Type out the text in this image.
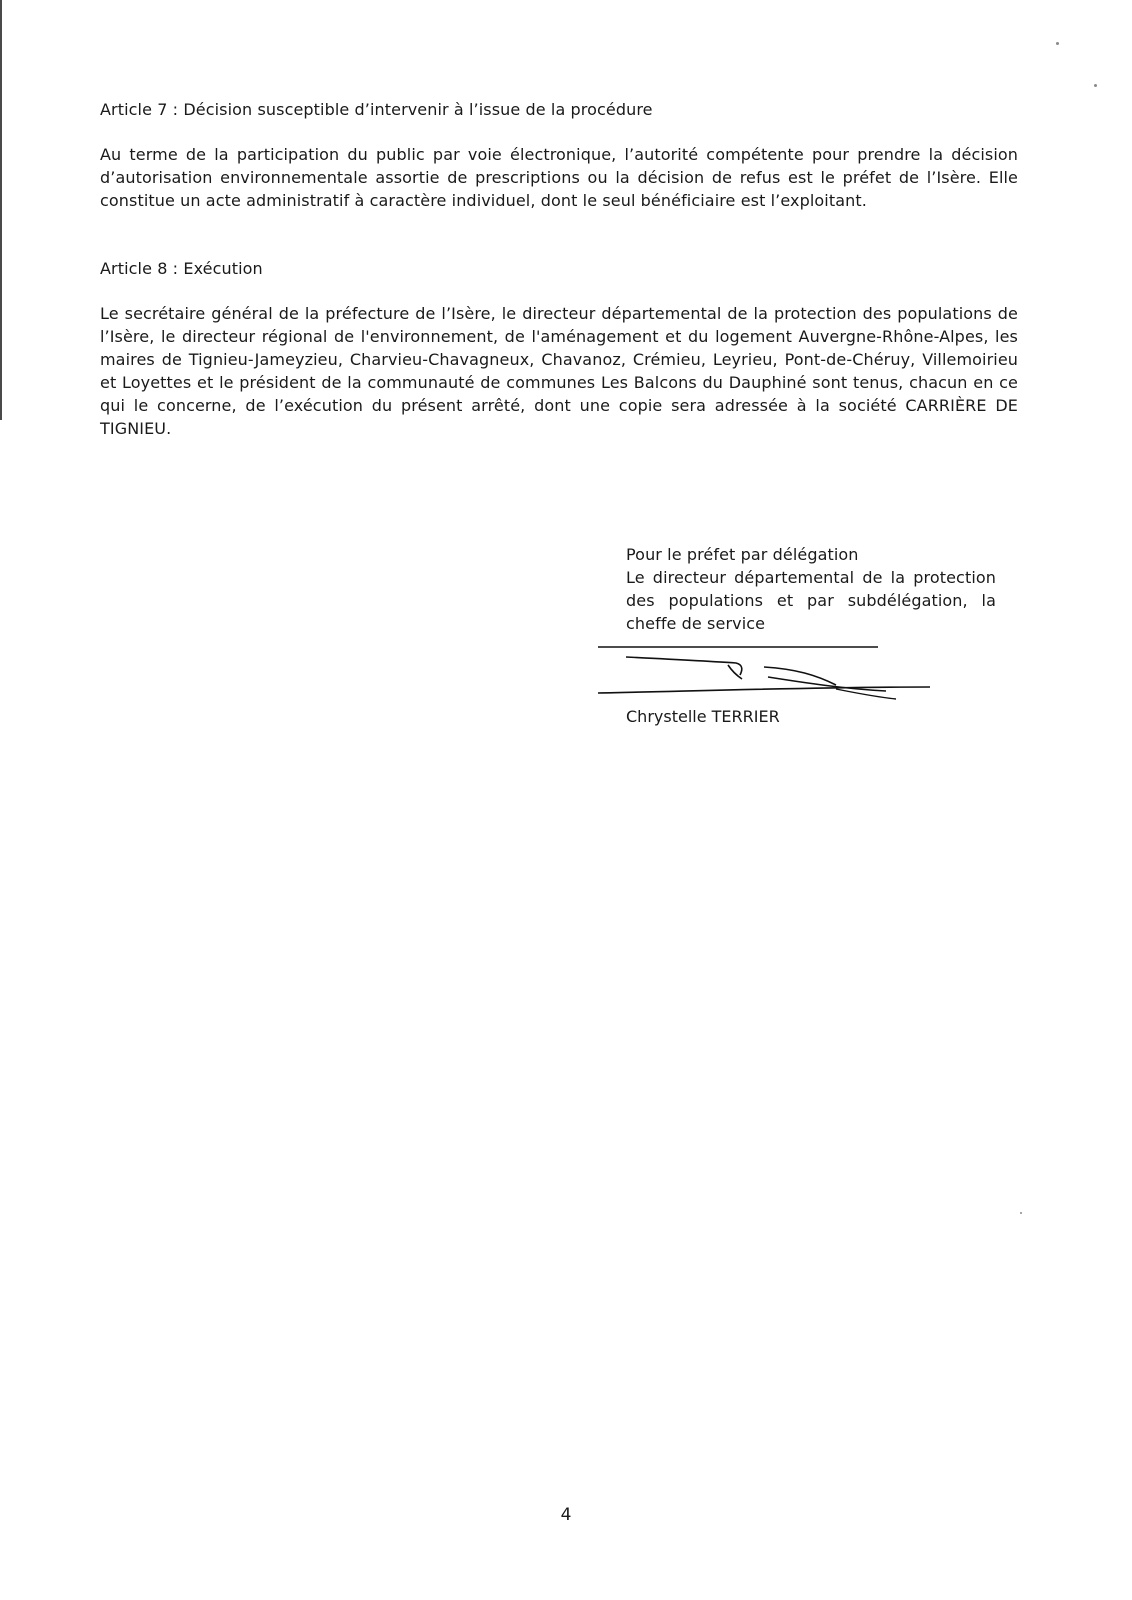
Article 7 : Décision susceptible d’intervenir à l’issue de la procédure

Au terme de la participation du public par voie électronique, l’autorité compétente pour prendre la décision d’autorisation environnementale assortie de prescriptions ou la décision de refus est le préfet de l’Isère. Elle constitue un acte administratif à caractère individuel, dont le seul bénéficiaire est l’exploitant.

Article 8 : Exécution

Le secrétaire général de la préfecture de l’Isère, le directeur départemental de la protection des populations de l’Isère, le directeur régional de l'environnement, de l'aménagement et du logement Auvergne-Rhône-Alpes, les maires de Tignieu-Jameyzieu, Charvieu-Chavagneux, Chavanoz, Crémieu, Leyrieu, Pont-de-Chéruy, Villemoirieu et Loyettes et le président de la communauté de communes Les Balcons du Dauphiné sont tenus, chacun en ce qui le concerne, de l’exécution du présent arrêté, dont une copie sera adressée à la société CARRIÈRE DE TIGNIEU.

Pour le préfet par délégation

Le directeur départemental de la protection des populations et par subdélégation, la cheffe de service

Chrystelle TERRIER

4
